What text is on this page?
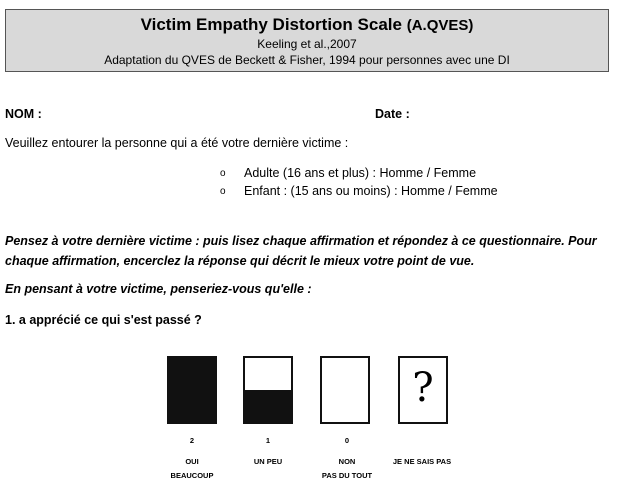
Victim Empathy Distortion Scale (A.QVES)
Keeling et al.,2007
Adaptation du QVES de Beckett & Fisher, 1994 pour personnes avec une DI
NOM :	Date :
Veuillez entourer la personne qui a été votre dernière victime :
o Adulte (16 ans et plus) : Homme / Femme
o Enfant : (15 ans ou moins) : Homme / Femme
Pensez à votre dernière victime : puis lisez chaque affirmation et répondez à ce questionnaire. Pour chaque affirmation, encerclez la réponse qui décrit le mieux votre point de vue.
En pensant à votre victime, penseriez-vous qu'elle :
1. a apprécié ce qui s'est passé ?
?
2	1	0
OUI
BEAUCOUP
UN PEU	NON
PAS DU TOUT
JE NE SAIS PAS
